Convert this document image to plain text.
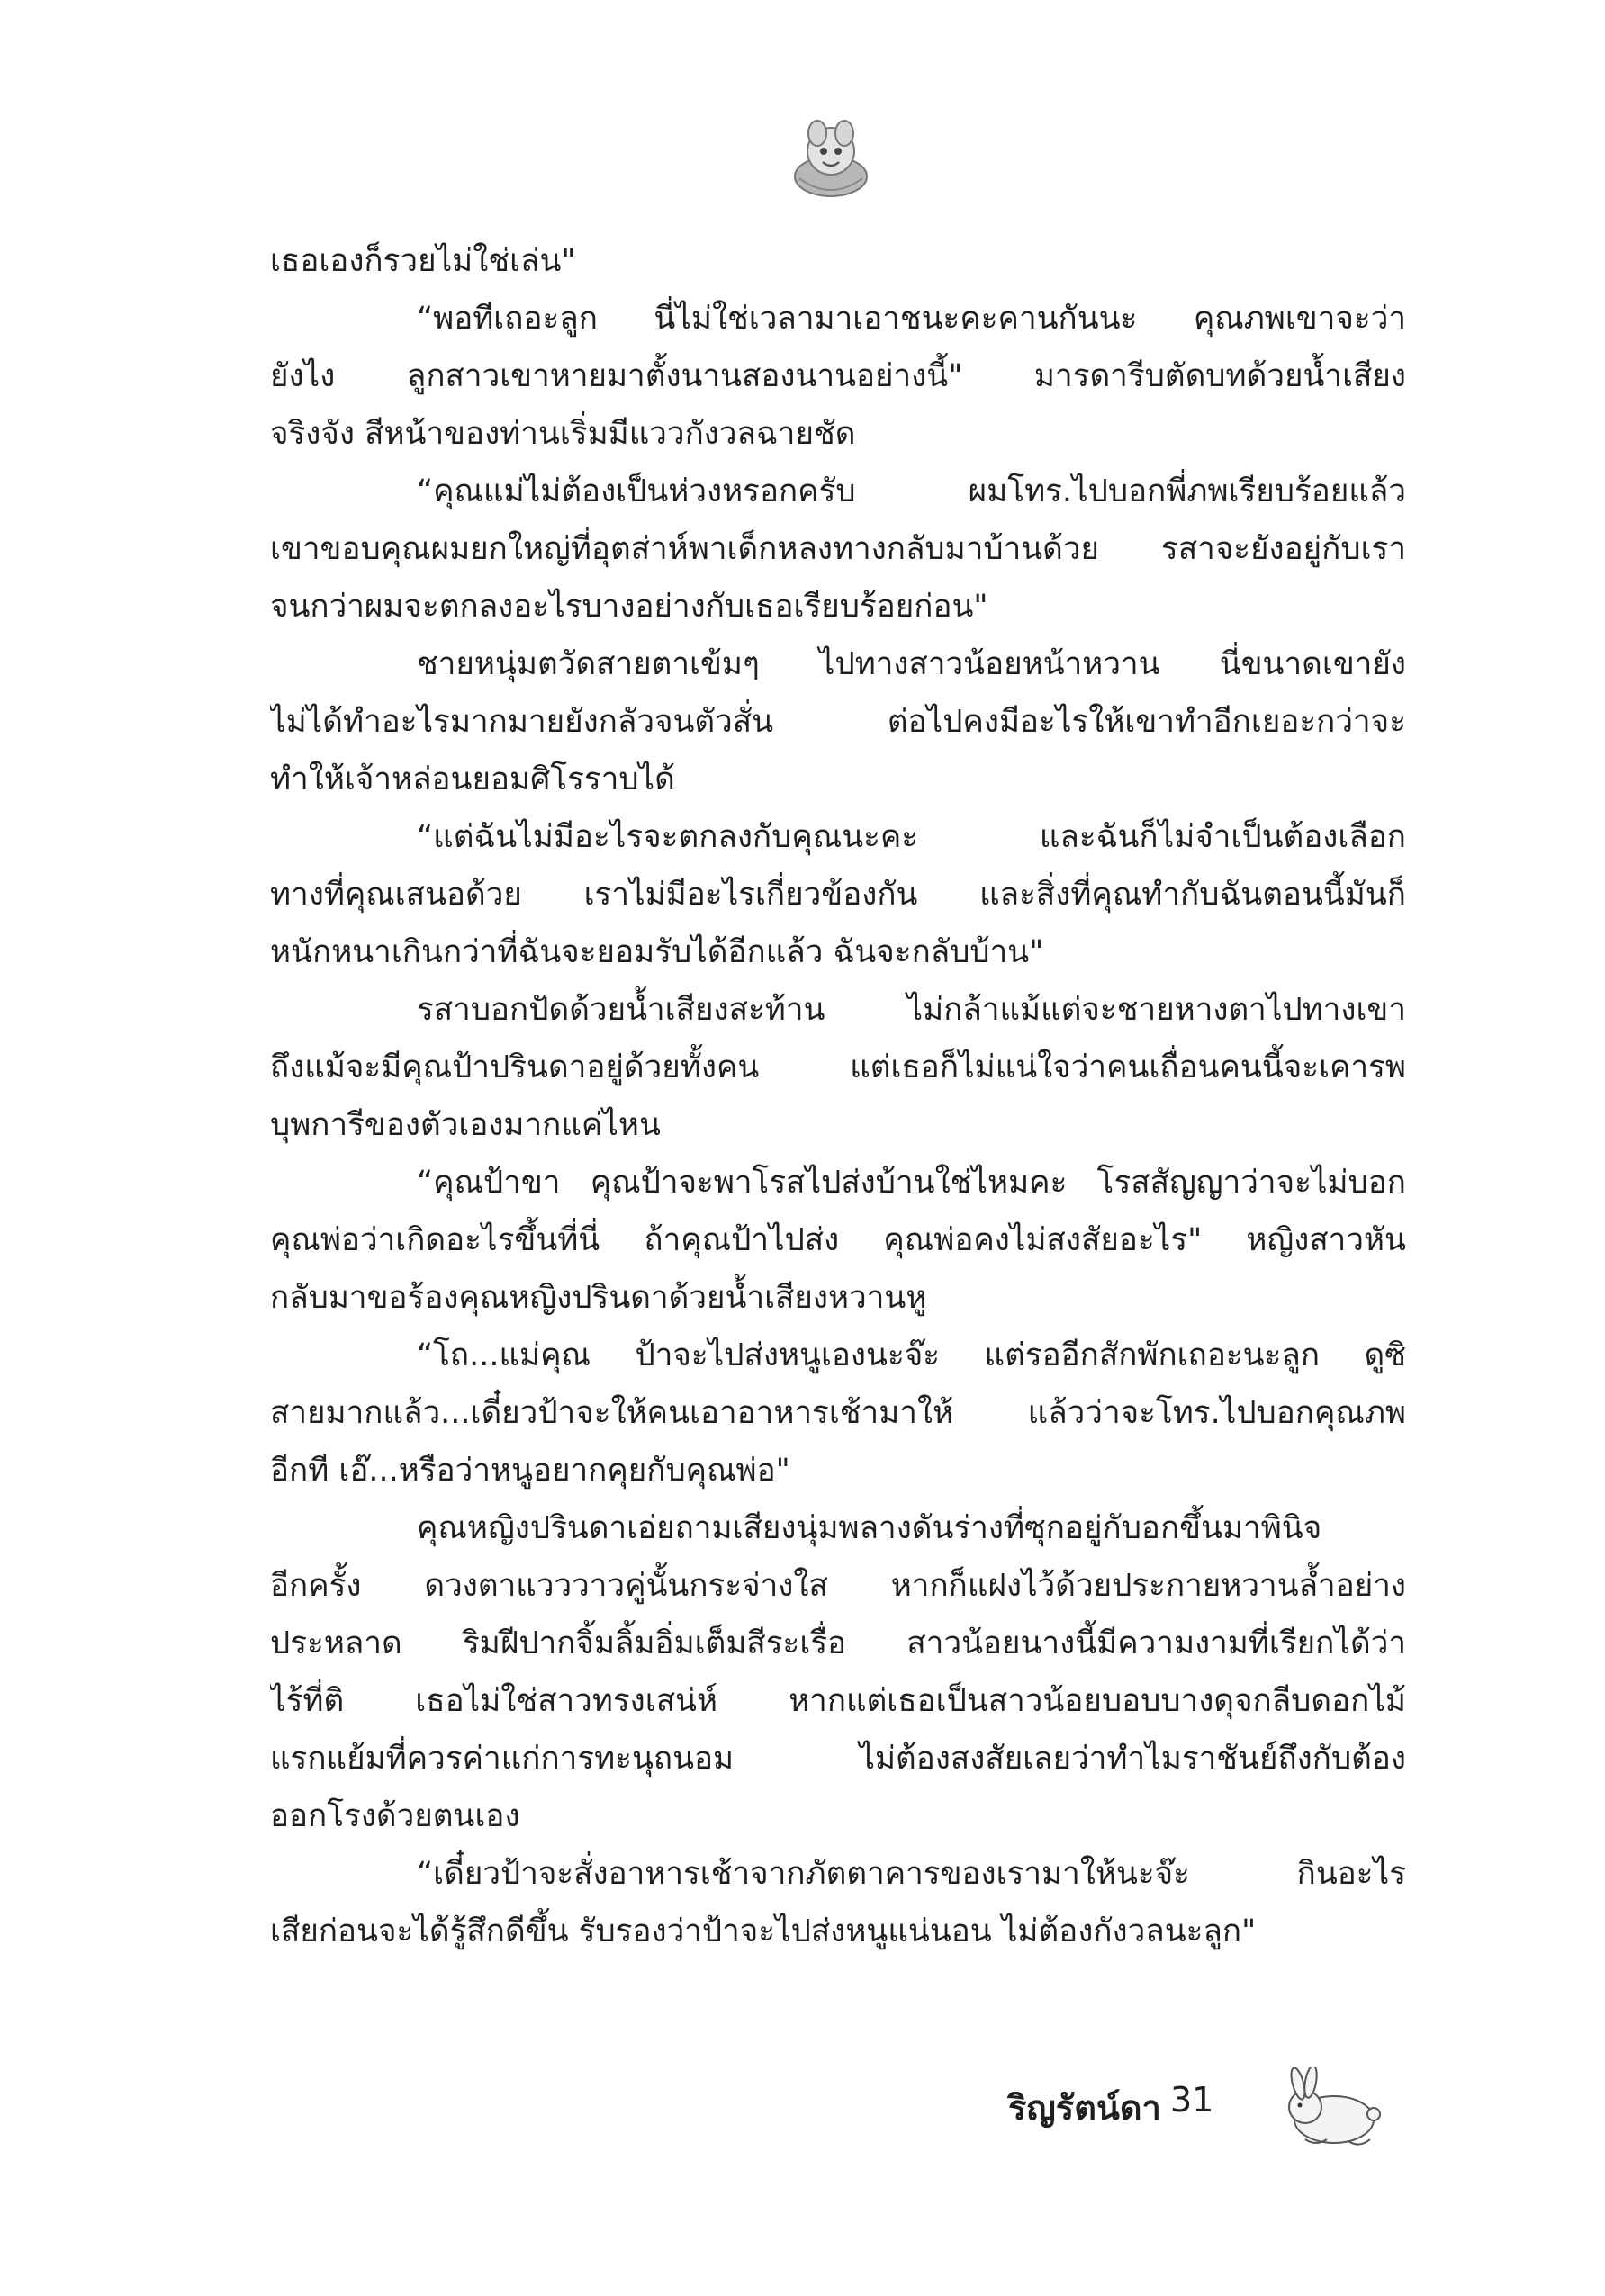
เธอเองก็รวยไม่ใช่เล่น"
“พอทีเถอะลูก นี่ไม่ใช่เวลามาเอาชนะคะคานกันนะ คุณภพเขาจะว่า
ยังไง ลูกสาวเขาหายมาตั้งนานสองนานอย่างนี้" มารดารีบตัดบทด้วยน้ำเสียง
จริงจัง สีหน้าของท่านเริ่มมีแววกังวลฉายชัด
“คุณแม่ไม่ต้องเป็นห่วงหรอกครับ ผมโทร.ไปบอกพี่ภพเรียบร้อยแล้ว
เขาขอบคุณผมยกใหญ่ที่อุตส่าห์พาเด็กหลงทางกลับมาบ้านด้วย รสาจะยังอยู่กับเรา
จนกว่าผมจะตกลงอะไรบางอย่างกับเธอเรียบร้อยก่อน"
ชายหนุ่มตวัดสายตาเข้มๆ ไปทางสาวน้อยหน้าหวาน นี่ขนาดเขายัง
ไม่ได้ทำอะไรมากมายยังกลัวจนตัวสั่น ต่อไปคงมีอะไรให้เขาทำอีกเยอะกว่าจะ
ทำให้เจ้าหล่อนยอมศิโรราบได้
“แต่ฉันไม่มีอะไรจะตกลงกับคุณนะคะ และฉันก็ไม่จำเป็นต้องเลือก
ทางที่คุณเสนอด้วย เราไม่มีอะไรเกี่ยวข้องกัน และสิ่งที่คุณทำกับฉันตอนนี้มันก็
หนักหนาเกินกว่าที่ฉันจะยอมรับได้อีกแล้ว ฉันจะกลับบ้าน"
รสาบอกปัดด้วยน้ำเสียงสะท้าน ไม่กล้าแม้แต่จะชายหางตาไปทางเขา
ถึงแม้จะมีคุณป้าปรินดาอยู่ด้วยทั้งคน แต่เธอก็ไม่แน่ใจว่าคนเถื่อนคนนี้จะเคารพ
บุพการีของตัวเองมากแค่ไหน
“คุณป้าขา คุณป้าจะพาโรสไปส่งบ้านใช่ไหมคะ โรสสัญญาว่าจะไม่บอก
คุณพ่อว่าเกิดอะไรขึ้นที่นี่ ถ้าคุณป้าไปส่ง คุณพ่อคงไม่สงสัยอะไร" หญิงสาวหัน
กลับมาขอร้องคุณหญิงปรินดาด้วยน้ำเสียงหวานหู
“โถ...แม่คุณ ป้าจะไปส่งหนูเองนะจ๊ะ แต่รออีกสักพักเถอะนะลูก ดูซิ
สายมากแล้ว...เดี๋ยวป้าจะให้คนเอาอาหารเช้ามาให้ แล้วว่าจะโทร.ไปบอกคุณภพ
อีกที เอ๊...หรือว่าหนูอยากคุยกับคุณพ่อ"
คุณหญิงปรินดาเอ่ยถามเสียงนุ่มพลางดันร่างที่ซุกอยู่กับอกขึ้นมาพินิจ
อีกครั้ง ดวงตาแวววาวคู่นั้นกระจ่างใส หากก็แฝงไว้ด้วยประกายหวานล้ำอย่าง
ประหลาด ริมฝีปากจิ้มลิ้มอิ่มเต็มสีระเรื่อ สาวน้อยนางนี้มีความงามที่เรียกได้ว่า
ไร้ที่ติ เธอไม่ใช่สาวทรงเสน่ห์ หากแต่เธอเป็นสาวน้อยบอบบางดุจกลีบดอกไม้
แรกแย้มที่ควรค่าแก่การทะนุถนอม ไม่ต้องสงสัยเลยว่าทำไมราชันย์ถึงกับต้อง
ออกโรงด้วยตนเอง
“เดี๋ยวป้าจะสั่งอาหารเช้าจากภัตตาคารของเรามาให้นะจ๊ะ กินอะไร
เสียก่อนจะได้รู้สึกดีขึ้น รับรองว่าป้าจะไปส่งหนูแน่นอน ไม่ต้องกังวลนะลูก"
ริญรัตน์ดา 31
